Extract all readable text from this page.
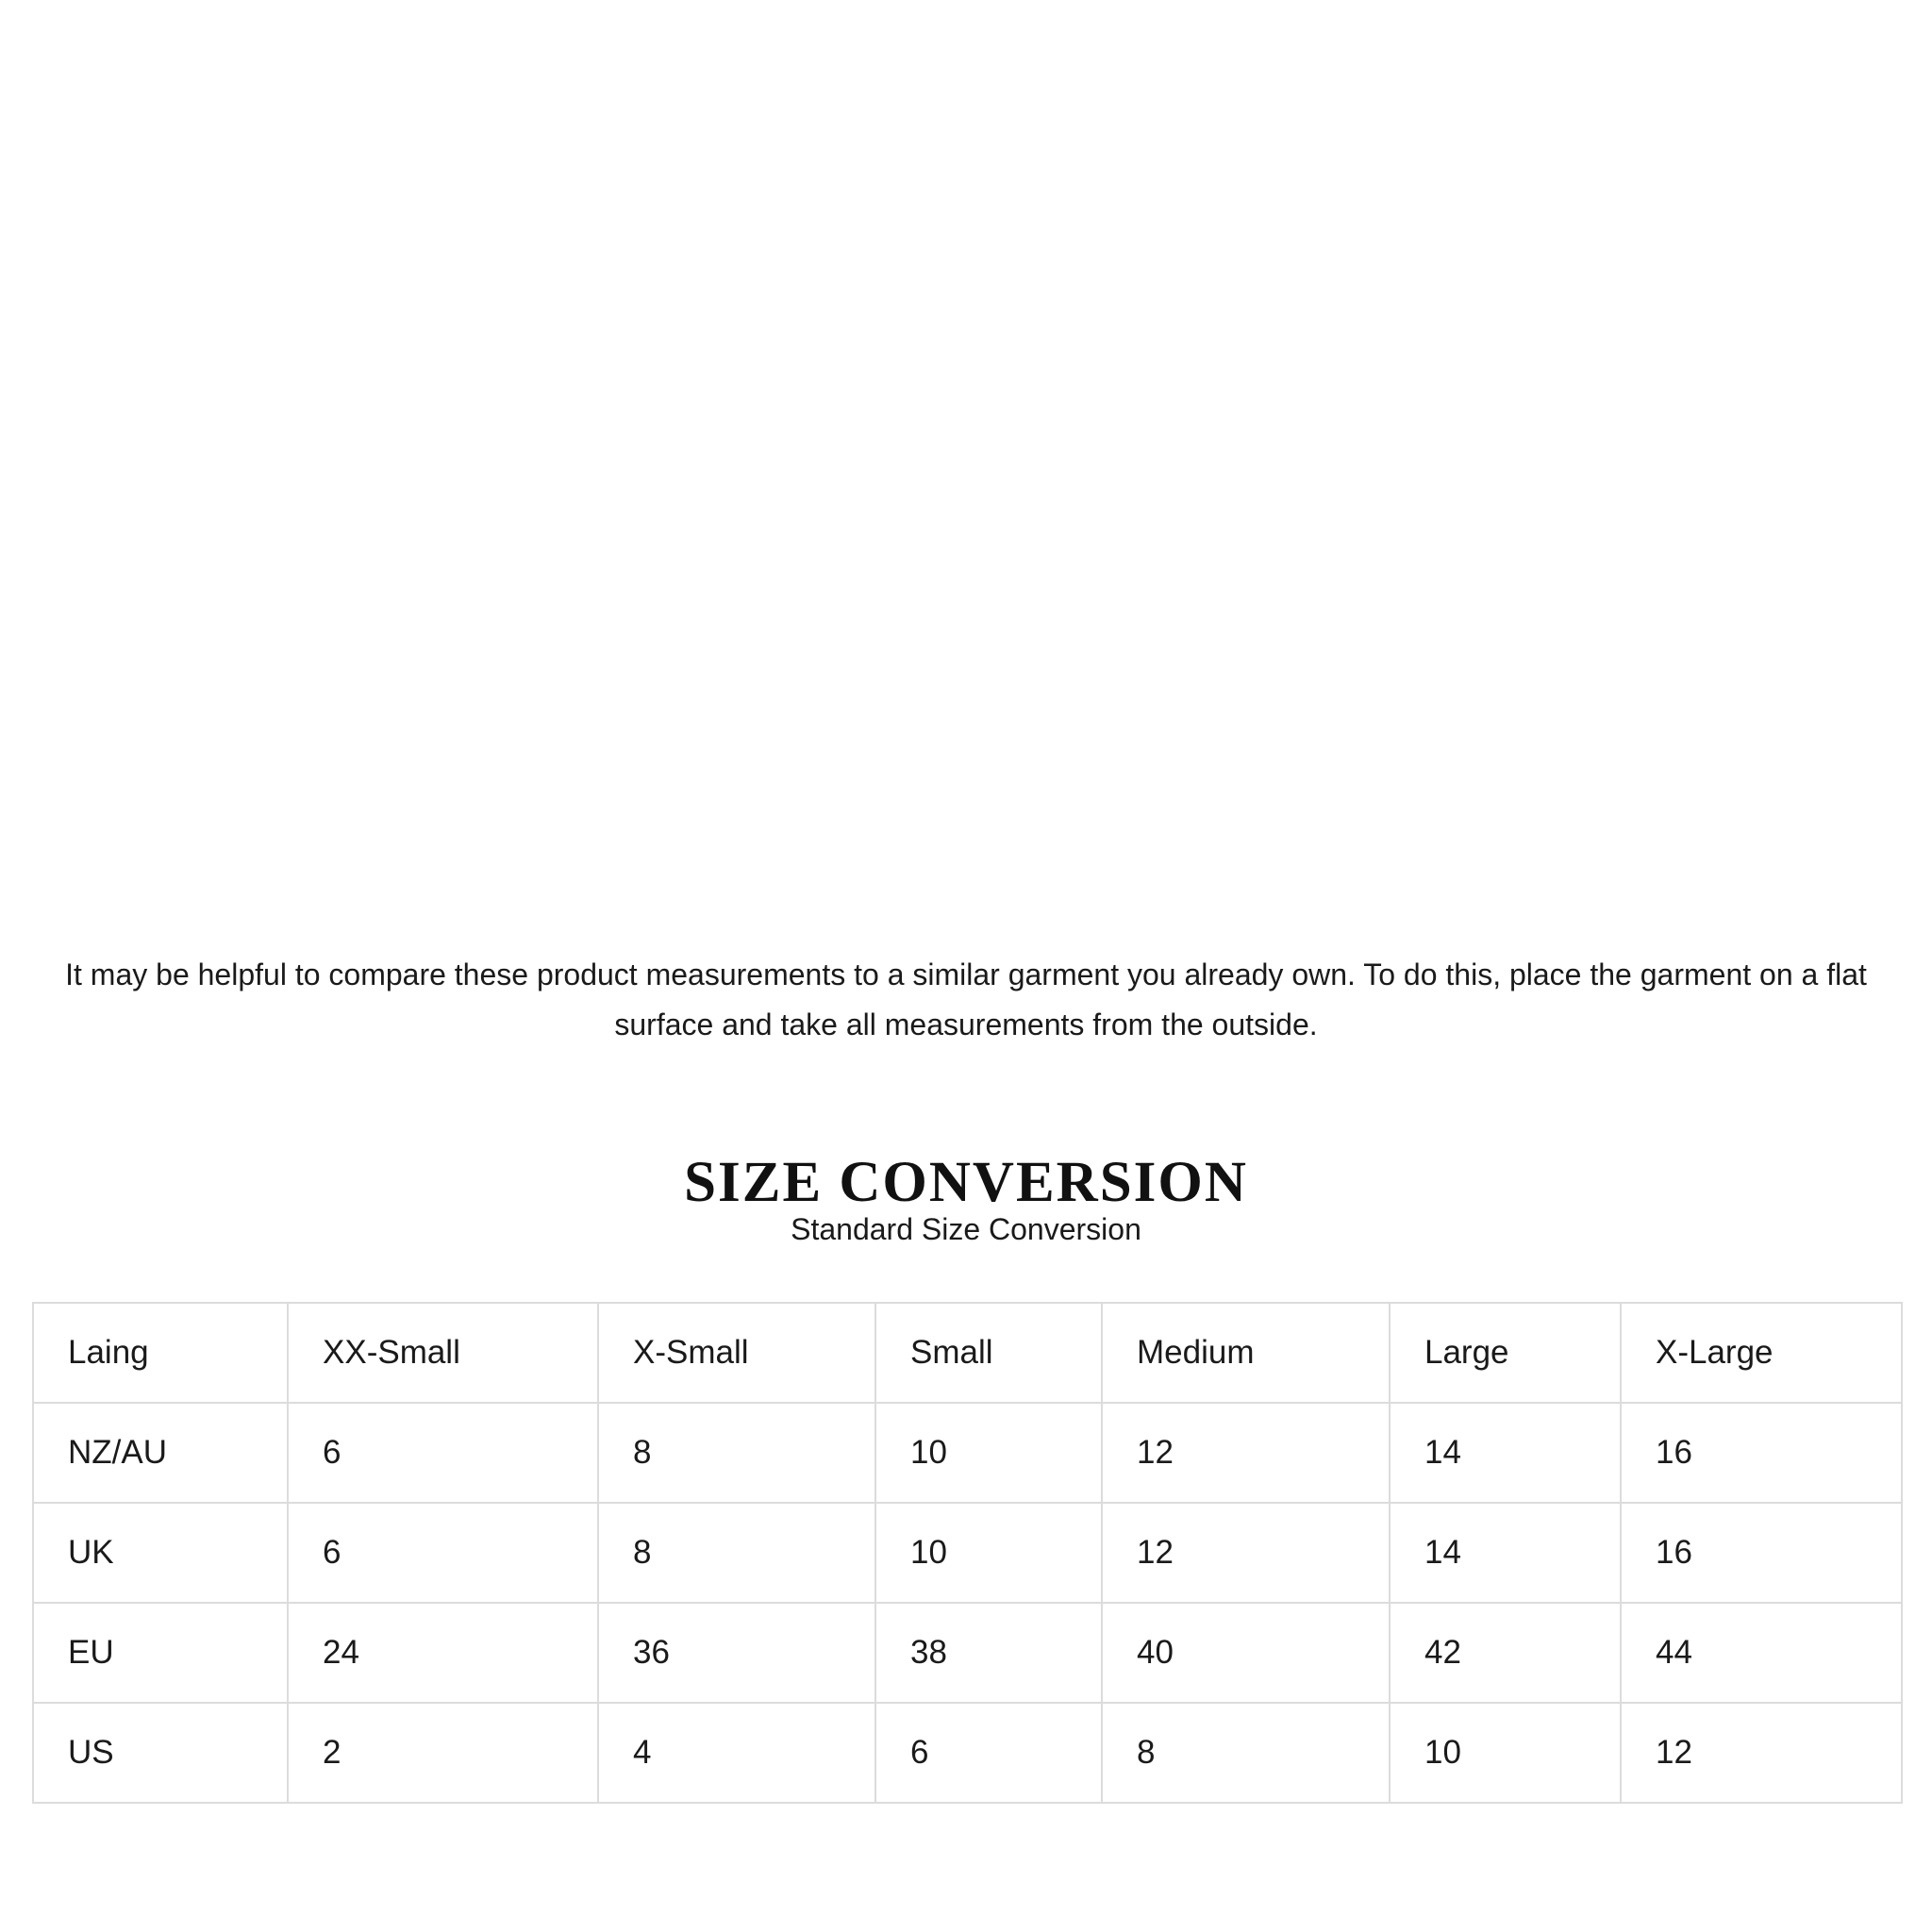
It may be helpful to compare these product measurements to a similar garment you already own. To do this, place the garment on a flat surface and take all measurements from the outside.

SIZE CONVERSION
Standard Size Conversion
Laing	XX-Small	X-Small	Small	Medium	Large	X-Large
NZ/AU	6	8	10	12	14	16
UK	6	8	10	12	14	16
EU	24	36	38	40	42	44
US	2	4	6	8	10	12
